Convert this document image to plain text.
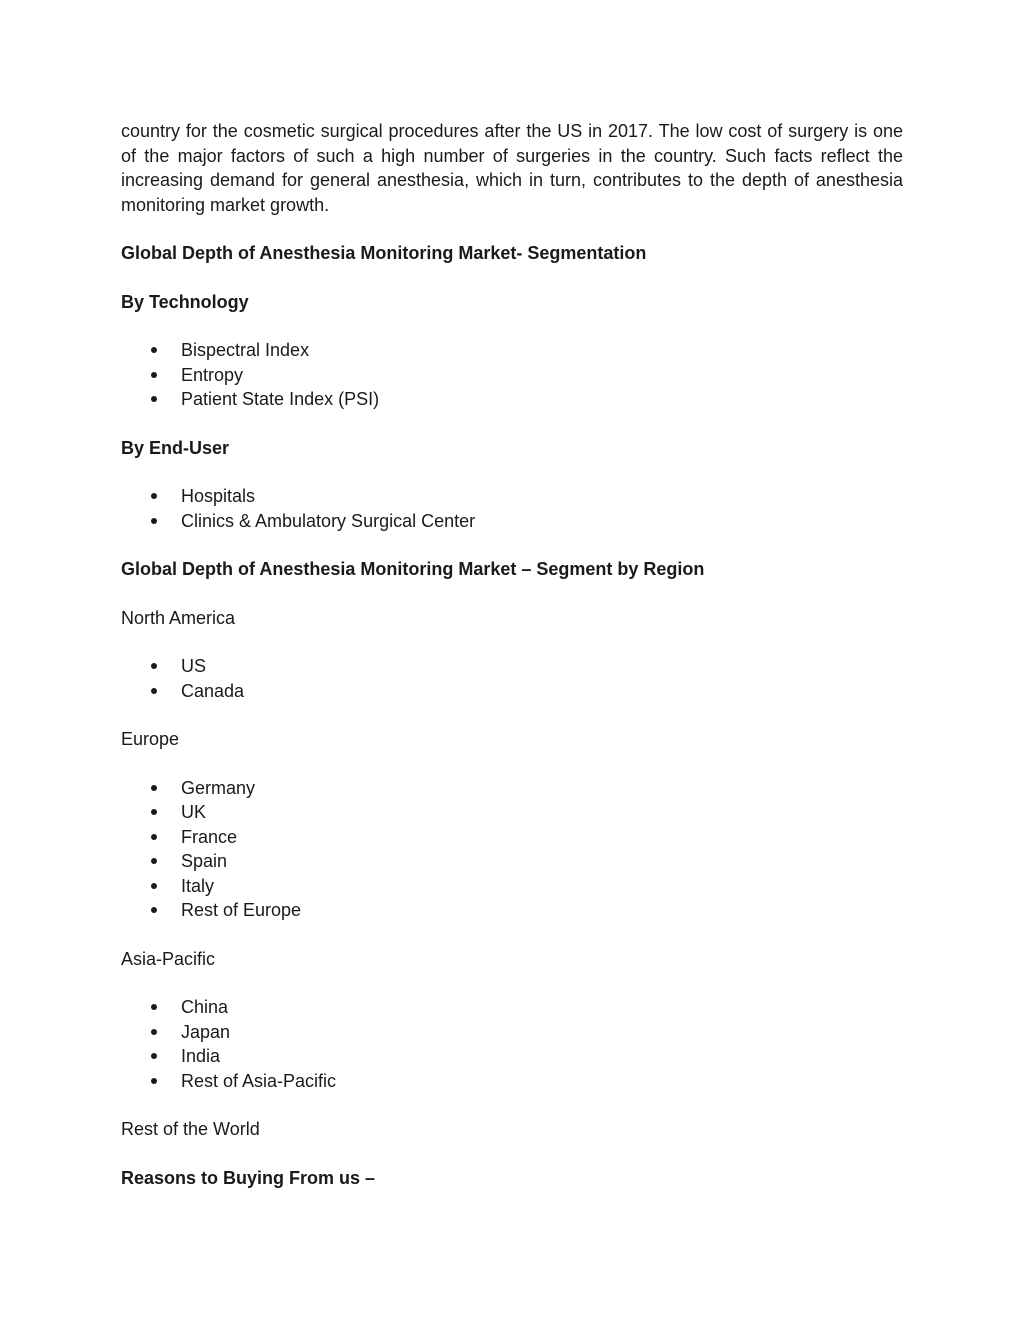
country for the cosmetic surgical procedures after the US in 2017. The low cost of surgery is one of the major factors of such a high number of surgeries in the country. Such facts reflect the increasing demand for general anesthesia, which in turn, contributes to the depth of anesthesia monitoring market growth.

Global Depth of Anesthesia Monitoring Market- Segmentation

By Technology

Bispectral Index
Entropy
Patient State Index (PSI)

By End-User

Hospitals
Clinics & Ambulatory Surgical Center

Global Depth of Anesthesia Monitoring Market – Segment by Region

North America

US
Canada

Europe

Germany
UK
France
Spain
Italy
Rest of Europe

Asia-Pacific

China
Japan
India
Rest of Asia-Pacific

Rest of the World

Reasons to Buying From us –
